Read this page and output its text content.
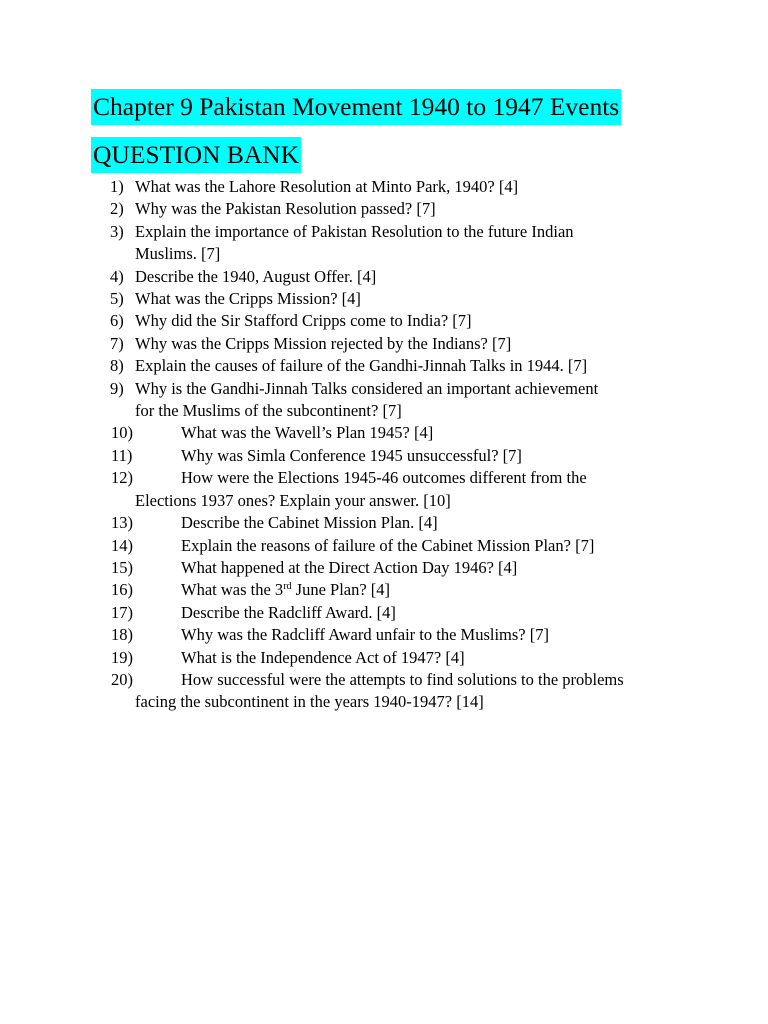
Chapter 9 Pakistan Movement 1940 to 1947 Events
QUESTION BANK
1) What was the Lahore Resolution at Minto Park, 1940? [4]
2) Why was the Pakistan Resolution passed? [7]
3) Explain the importance of Pakistan Resolution to the future Indian
Muslims. [7]
4) Describe the 1940, August Offer. [4]
5) What was the Cripps Mission? [4]
6) Why did the Sir Stafford Cripps come to India? [7]
7) Why was the Cripps Mission rejected by the Indians? [7]
8) Explain the causes of failure of the Gandhi-Jinnah Talks in 1944. [7]
9) Why is the Gandhi-Jinnah Talks considered an important achievement
for the Muslims of the subcontinent? [7]
10)	What was the Wavell’s Plan 1945? [4]
11)	Why was Simla Conference 1945 unsuccessful? [7]
12)	How were the Elections 1945-46 outcomes different from the
Elections 1937 ones? Explain your answer. [10]
13)	Describe the Cabinet Mission Plan. [4]
14)	Explain the reasons of failure of the Cabinet Mission Plan? [7]
15)	What happened at the Direct Action Day 1946? [4]
16)	What was the 3rd June Plan? [4]
17)	Describe the Radcliff Award. [4]
18)	Why was the Radcliff Award unfair to the Muslims? [7]
19)	What is the Independence Act of 1947? [4]
20)	How successful were the attempts to find solutions to the problems
facing the subcontinent in the years 1940-1947? [14]
